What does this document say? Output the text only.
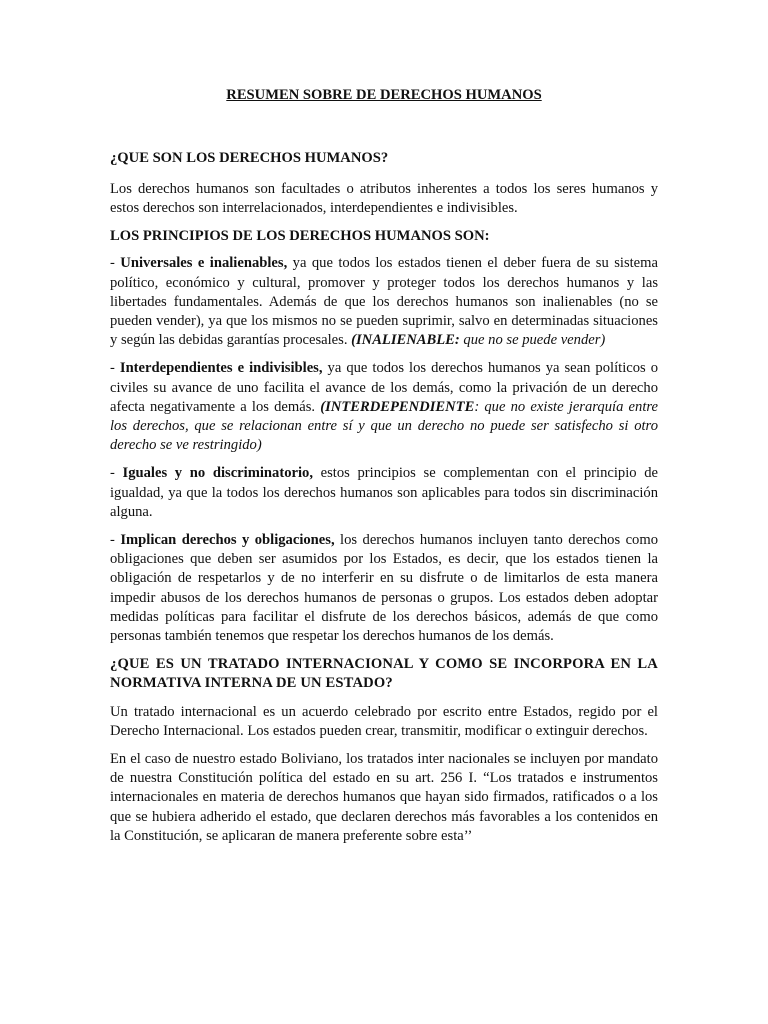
RESUMEN SOBRE DE DERECHOS HUMANOS
¿QUE SON LOS DERECHOS HUMANOS?

Los derechos humanos son facultades o atributos inherentes a todos los seres humanos y estos derechos son interrelacionados, interdependientes e indivisibles.

LOS PRINCIPIOS DE LOS DERECHOS HUMANOS SON:

- Universales e inalienables, ya que todos los estados tienen el deber fuera de su sistema político, económico y cultural, promover y proteger todos los derechos humanos y las libertades fundamentales. Además de que los derechos humanos son inalienables (no se pueden vender), ya que los mismos no se pueden suprimir, salvo en determinadas situaciones y según las debidas garantías procesales. (INALIENABLE: que no se puede vender)

- Interdependientes e indivisibles, ya que todos los derechos humanos ya sean políticos o civiles su avance de uno facilita el avance de los demás, como la privación de un derecho afecta negativamente a los demás. (INTERDEPENDIENTE: que no existe jerarquía entre los derechos, que se relacionan entre sí y que un derecho no puede ser satisfecho si otro derecho se ve restringido)

- Iguales y no discriminatorio, estos principios se complementan con el principio de igualdad, ya que la todos los derechos humanos son aplicables para todos sin discriminación alguna.

- Implican derechos y obligaciones, los derechos humanos incluyen tanto derechos como obligaciones que deben ser asumidos por los Estados, es decir, que los estados tienen la obligación de respetarlos y de no interferir en su disfrute o de limitarlos de esta manera impedir abusos de los derechos humanos de personas o grupos. Los estados deben adoptar medidas políticas para facilitar el disfrute de los derechos básicos, además de que como personas también tenemos que respetar los derechos humanos de los demás.

¿QUE ES UN TRATADO INTERNACIONAL Y COMO SE INCORPORA EN LA NORMATIVA INTERNA DE UN ESTADO?

Un tratado internacional es un acuerdo celebrado por escrito entre Estados, regido por el Derecho Internacional. Los estados pueden crear, transmitir, modificar o extinguir derechos.

En el caso de nuestro estado Boliviano, los tratados inter nacionales se incluyen por mandato de nuestra Constitución política del estado en su art. 256 I. “Los tratados e instrumentos internacionales en materia de derechos humanos que hayan sido firmados, ratificados o a los que se hubiera adherido el estado, que declaren derechos más favorables a los contenidos en la Constitución, se aplicaran de manera preferente sobre esta’’
